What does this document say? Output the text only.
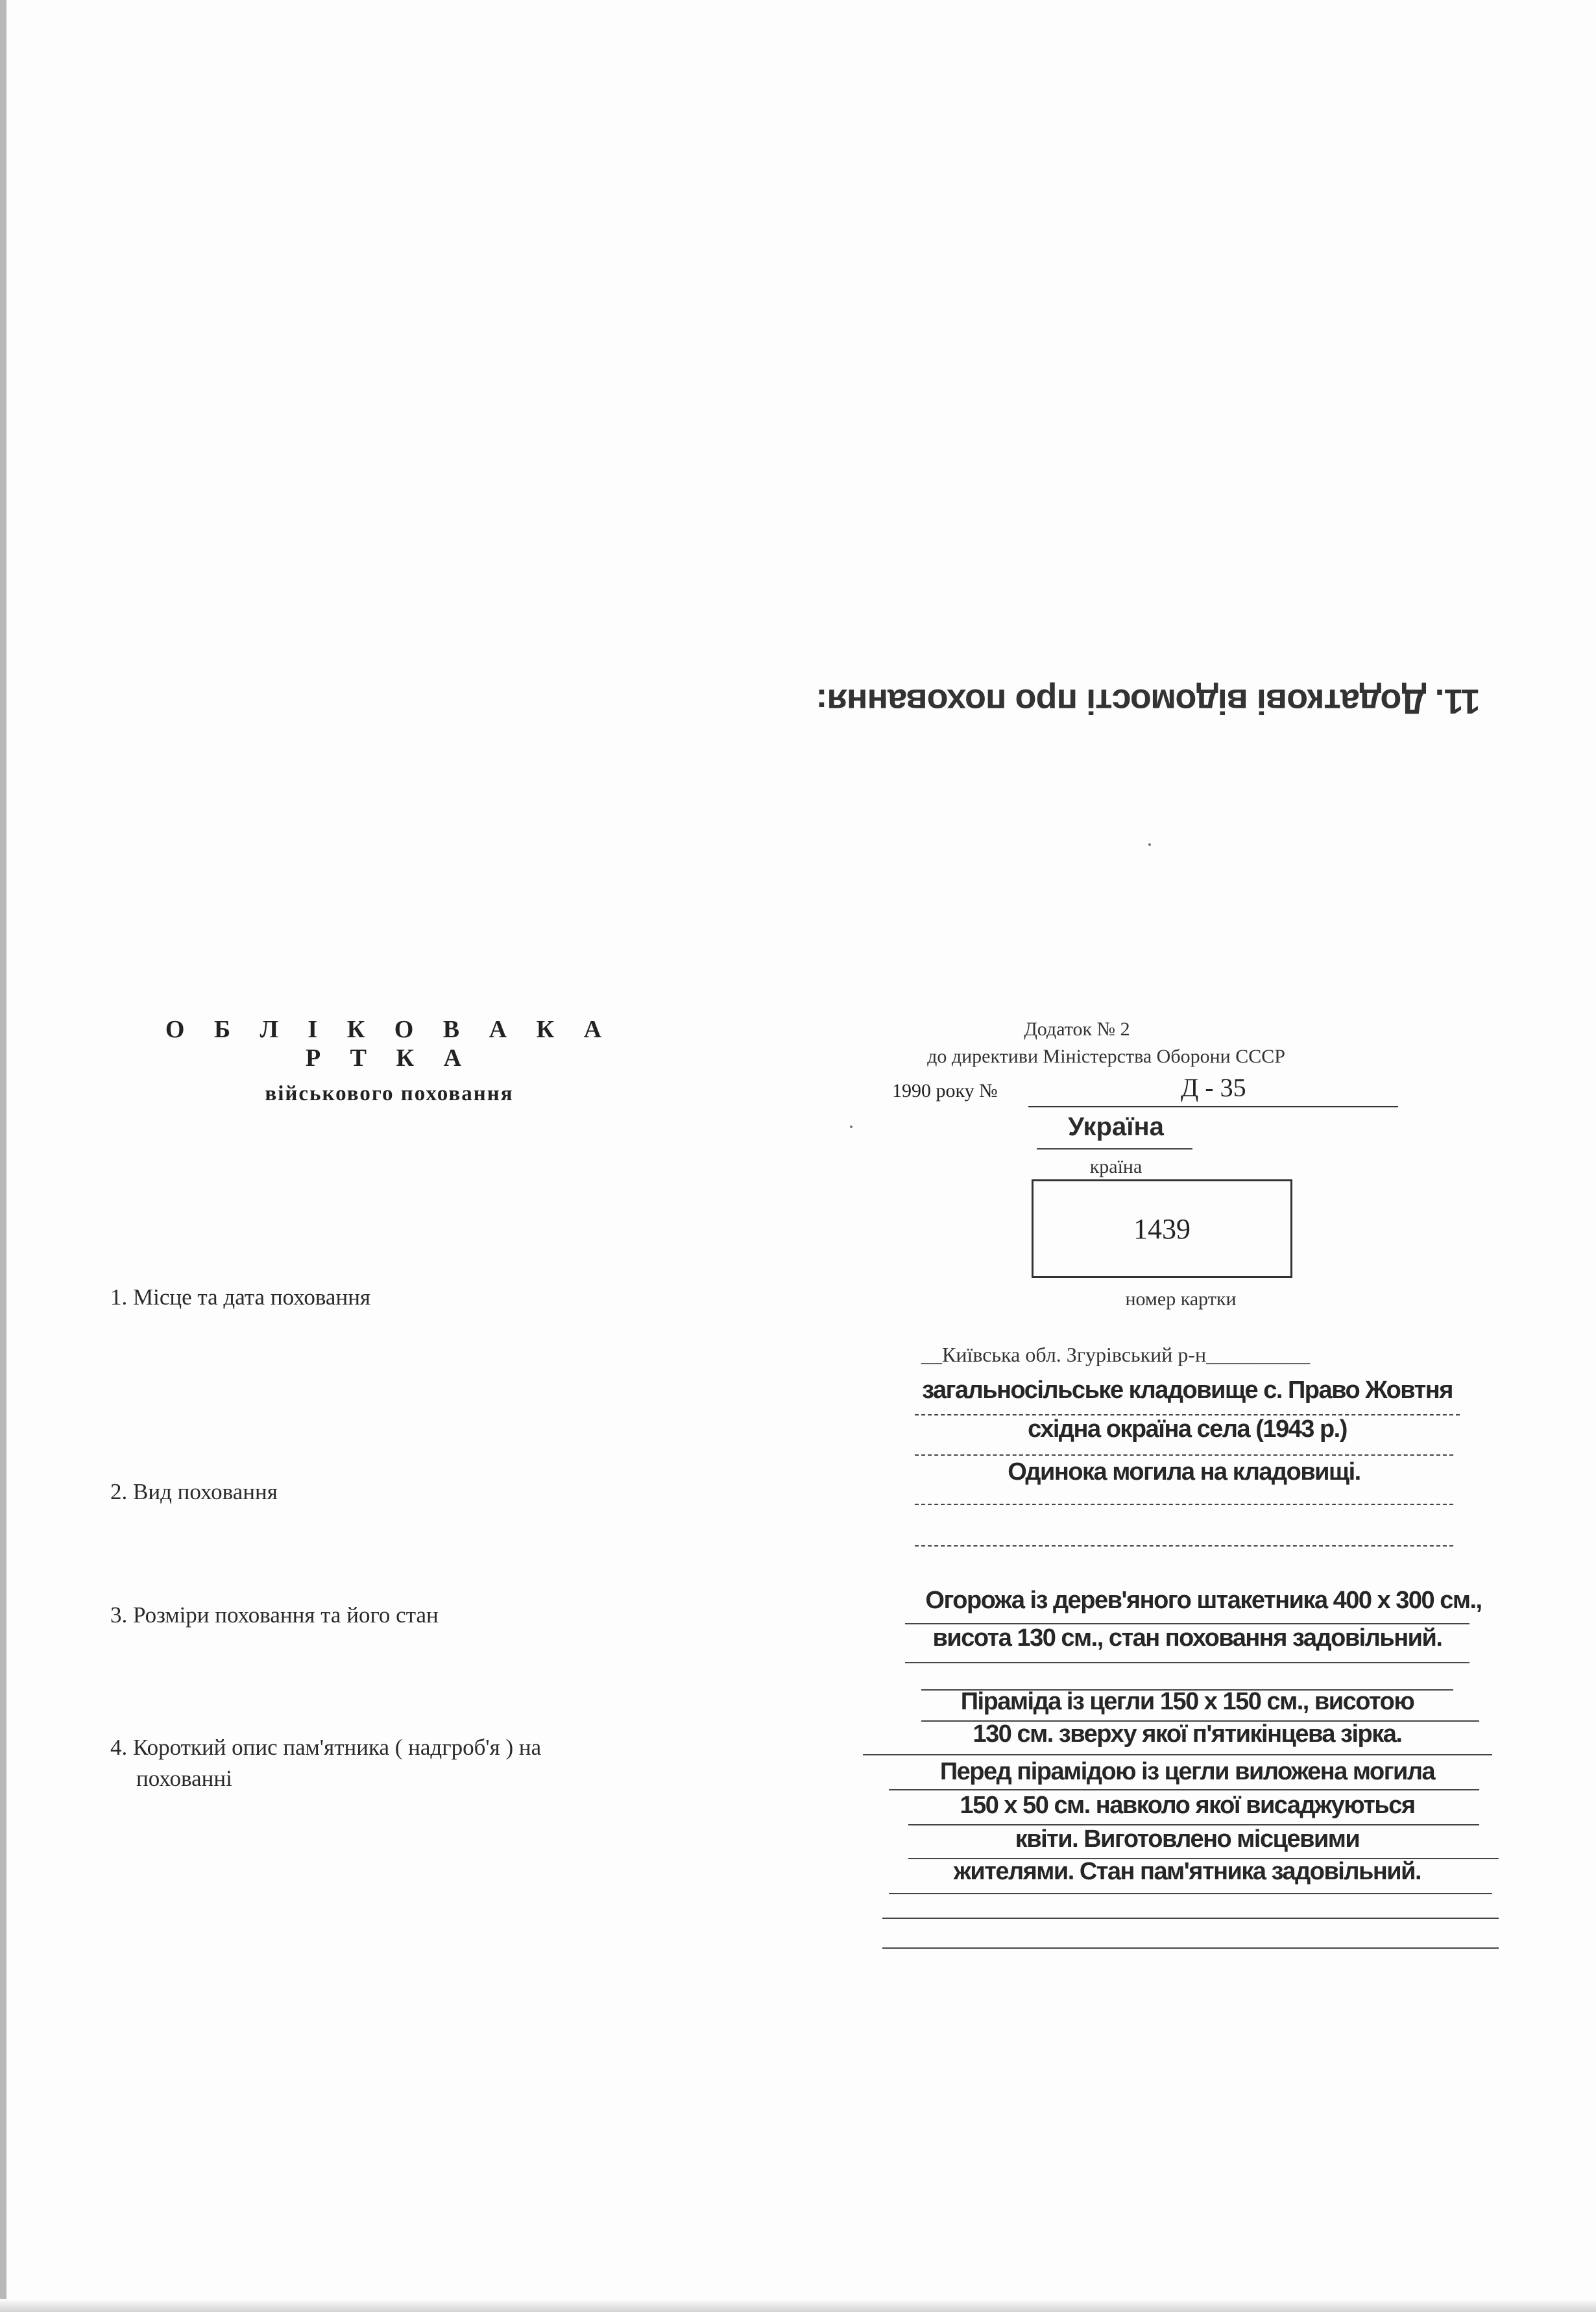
11. Додаткові відомості про поховання:
О Б Л І К О В А К А Р Т К А
військового поховання
Додаток № 2
до директиви Міністерства Оборони СССР
1990 року №	Д - 35
Україна
країна
1439
номер картки
1. Місце та дата поховання
2. Вид поховання
3. Розміри поховання та його стан
4. Короткий опис пам'ятника ( надгроб'я ) на
похованні
__Київська обл. Згурівський р-н__________
загальносільське кладовище с. Право Жовтня
східна окраїна села (1943 р.)
Одинока могила на кладовищі.
Огорожа із дерев'яного штакетника 400 х 300 см.,
висота 130 см., стан поховання задовільний.
Піраміда із цегли 150 х 150 см., висотою
130 см. зверху якої п'ятикінцева зірка.
Перед пірамідою із цегли виложена могила
150 х 50 см. навколо якої висаджуються
квіти. Виготовлено місцевими
жителями. Стан пам'ятника задовільний.
